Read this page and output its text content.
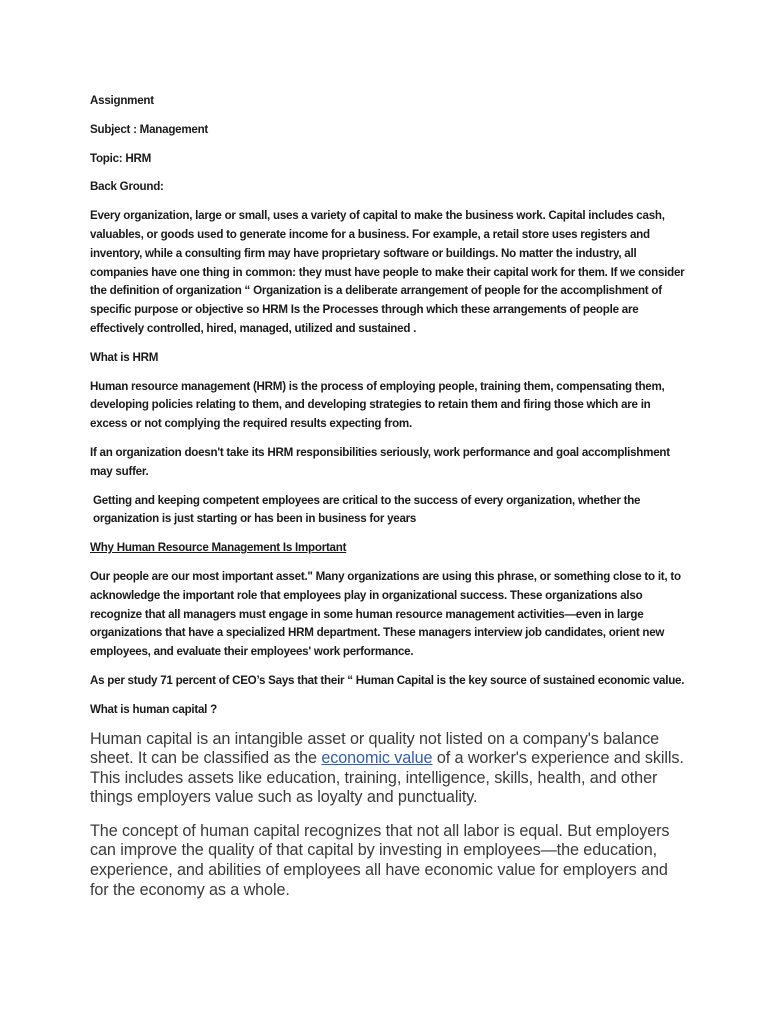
Assignment

Subject : Management

Topic: HRM

Back Ground:

Every organization, large or small, uses a variety of capital to make the business work. Capital includes cash, valuables, or goods used to generate income for a business. For example, a retail store uses registers and inventory, while a consulting firm may have proprietary software or buildings. No matter the industry, all companies have one thing in common: they must have people to make their capital work for them. If we consider the definition of organization “ Organization is a deliberate arrangement of people for the accomplishment of specific purpose or objective so HRM Is the Processes through which these arrangements of people are effectively controlled, hired, managed, utilized and sustained .

What is HRM

Human resource management (HRM) is the process of employing people, training them, compensating them, developing policies relating to them, and developing strategies to retain them and firing those which are in excess or not complying the required results expecting from.

If an organization doesn't take its HRM responsibilities seriously, work performance and goal accomplishment may suffer.

Getting and keeping competent employees are critical to the success of every organization, whether the organization is just starting or has been in business for years

Why Human Resource Management Is Important

Our people are our most important asset." Many organizations are using this phrase, or something close to it, to acknowledge the important role that employees play in organizational success. These organizations also recognize that all managers must engage in some human resource management activities—even in large organizations that have a specialized HRM department. These managers interview job candidates, orient new employees, and evaluate their employees' work performance.

As per study 71 percent of CEO’s Says that their “ Human Capital is the key source of sustained economic value.

What is human capital ?

Human capital is an intangible asset or quality not listed on a company's balance sheet. It can be classified as the economic value of a worker's experience and skills. This includes assets like education, training, intelligence, skills, health, and other things employers value such as loyalty and punctuality.

The concept of human capital recognizes that not all labor is equal. But employers can improve the quality of that capital by investing in employees—the education, experience, and abilities of employees all have economic value for employers and for the economy as a whole.
